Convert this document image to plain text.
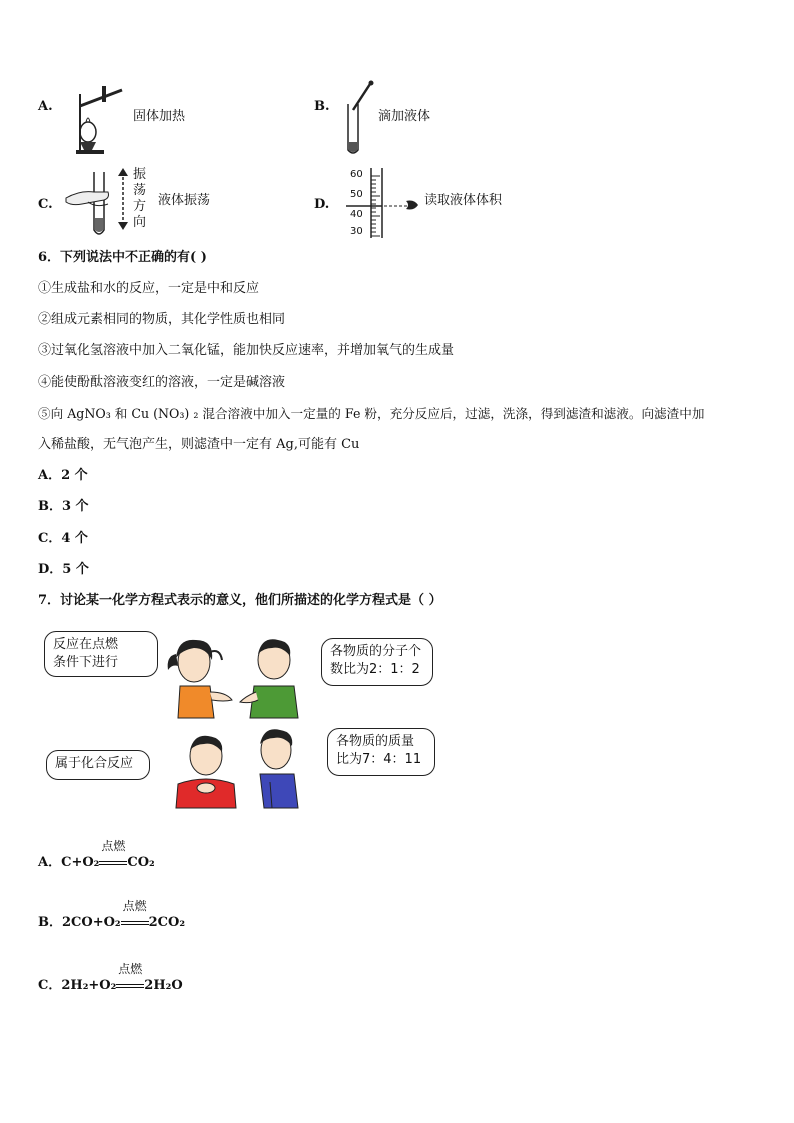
A.
固体加热
B.
滴加液体
C.
振
荡
方
向
液体振荡	D.
60
50
40
30
读取液体体积
6．下列说法中不正确的有( )
①生成盐和水的反应，一定是中和反应
②组成元素相同的物质，其化学性质也相同
③过氧化氢溶液中加入二氧化锰，能加快反应速率，并增加氧气的生成量
④能使酚酞溶液变红的溶液，一定是碱溶液
⑤向 AgNO₃ 和 Cu (NO₃) ₂ 混合溶液中加入一定量的 Fe 粉，充分反应后，过滤，洗涤，得到滤渣和滤液。向滤渣中加
入稀盐酸，无气泡产生，则滤渣中一定有 Ag,可能有 Cu
A．2 个
B．3 个
C．4 个
D．5 个
7．讨论某一化学方程式表示的意义，他们所描述的化学方程式是（ ）
反应在点燃
条件下进行
各物质的分子个
数比为2：1：2
属于化合反应
各物质的质量
比为7：4：11
A．C+O₂
点燃
CO₂
B．2CO+O₂
点燃
2CO₂
C．2H₂+O₂
点燃
2H₂O
